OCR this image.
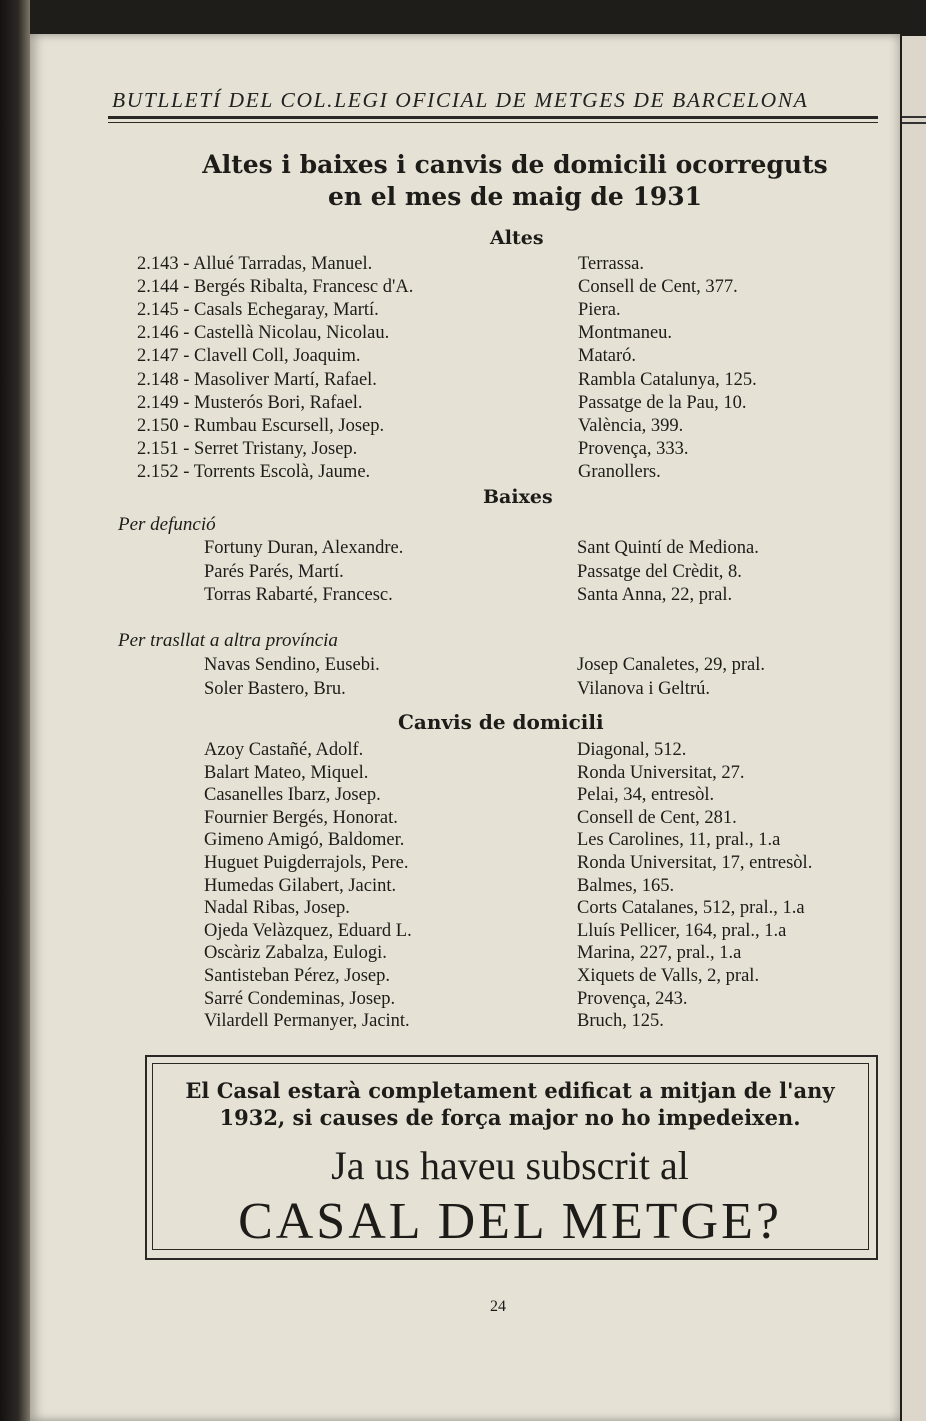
BUTLLETÍ DEL COL.LEGI OFICIAL DE METGES DE BARCELONA
Altes i baixes i canvis de domicili ocorreguts
en el mes de maig de 1931
Altes
2.143 - Allué Tarradas, Manuel.	Terrassa.
2.144 - Bergés Ribalta, Francesc d'A.	Consell de Cent, 377.
2.145 - Casals Echegaray, Martí.	Piera.
2.146 - Castellà Nicolau, Nicolau.	Montmaneu.
2.147 - Clavell Coll, Joaquim.	Mataró.
2.148 - Masoliver Martí, Rafael.	Rambla Catalunya, 125.
2.149 - Musterós Bori, Rafael.	Passatge de la Pau, 10.
2.150 - Rumbau Escursell, Josep.	València, 399.
2.151 - Serret Tristany, Josep.	Provença, 333.
2.152 - Torrents Escolà, Jaume.	Granollers.
Baixes
Per defunció
Fortuny Duran, Alexandre.	Sant Quintí de Mediona.
Parés Parés, Martí.	Passatge del Crèdit, 8.
Torras Rabarté, Francesc.	Santa Anna, 22, pral.
Per trasllat a altra província
Navas Sendino, Eusebi.	Josep Canaletes, 29, pral.
Soler Bastero, Bru.	Vilanova i Geltrú.
Canvis de domicili
Azoy Castañé, Adolf.	Diagonal, 512.
Balart Mateo, Miquel.	Ronda Universitat, 27.
Casanelles Ibarz, Josep.	Pelai, 34, entresòl.
Fournier Bergés, Honorat.	Consell de Cent, 281.
Gimeno Amigó, Baldomer.	Les Carolines, 11, pral., 1.a
Huguet Puigderrajols, Pere.	Ronda Universitat, 17, entresòl.
Humedas Gilabert, Jacint.	Balmes, 165.
Nadal Ribas, Josep.	Corts Catalanes, 512, pral., 1.a
Ojeda Velàzquez, Eduard L.	Lluís Pellicer, 164, pral., 1.a
Oscàriz Zabalza, Eulogi.	Marina, 227, pral., 1.a
Santisteban Pérez, Josep.	Xiquets de Valls, 2, pral.
Sarré Condeminas, Josep.	Provença, 243.
Vilardell Permanyer, Jacint.	Bruch, 125.
El Casal estarà completament edificat a mitjan de l'any
1932, si causes de força major no ho impedeixen.
Ja us haveu subscrit al
CASAL DEL METGE?
24
